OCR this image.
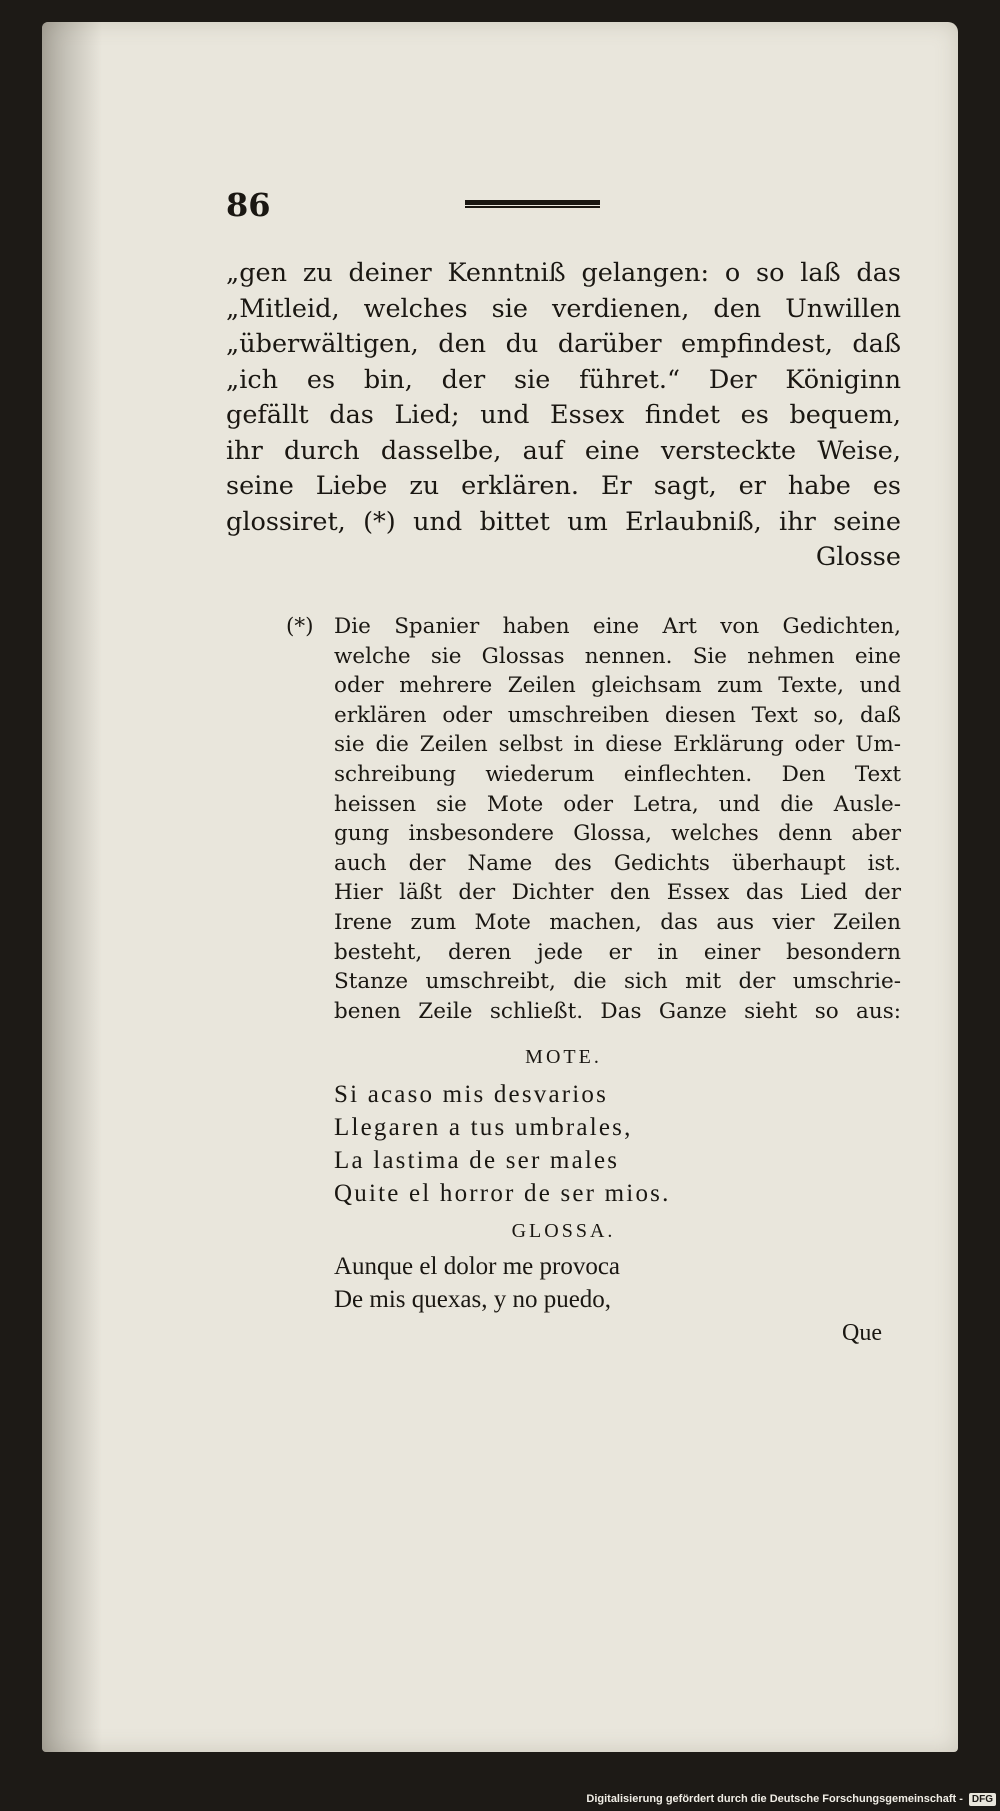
86
„gen zu deiner Kenntniß gelangen: o so laß das
„Mitleid, welches sie verdienen, den Unwillen
„überwältigen, den du darüber empfindest, daß
„ich es bin, der sie führet.“ Der Königinn
gefällt das Lied; und Essex findet es bequem,
ihr durch dasselbe, auf eine versteckte Weise,
seine Liebe zu erklären. Er sagt, er habe es
glossiret, (*) und bittet um Erlaubniß, ihr seine
Glosse
(*) Die Spanier haben eine Art von Gedichten,
welche sie Glossas nennen. Sie nehmen eine
oder mehrere Zeilen gleichsam zum Texte, und
erklären oder umschreiben diesen Text so, daß
sie die Zeilen selbst in diese Erklärung oder Um-
schreibung wiederum einflechten. Den Text
heissen sie Mote oder Letra, und die Ausle-
gung insbesondere Glossa, welches denn aber
auch der Name des Gedichts überhaupt ist.
Hier läßt der Dichter den Essex das Lied der
Irene zum Mote machen, das aus vier Zeilen
besteht, deren jede er in einer besondern
Stanze umschreibt, die sich mit der umschrie-
benen Zeile schließt. Das Ganze sieht so aus:
MOTE.
Si acaso mis desvarios
Llegaren a tus umbrales,
La lastima de ser males
Quite el horror de ser mios.
GLOSSA.
Aunque el dolor me provoca
De mis quexas, y no puedo,
Que
Digitalisierung gefördert durch die Deutsche Forschungsgemeinschaft - DFG
